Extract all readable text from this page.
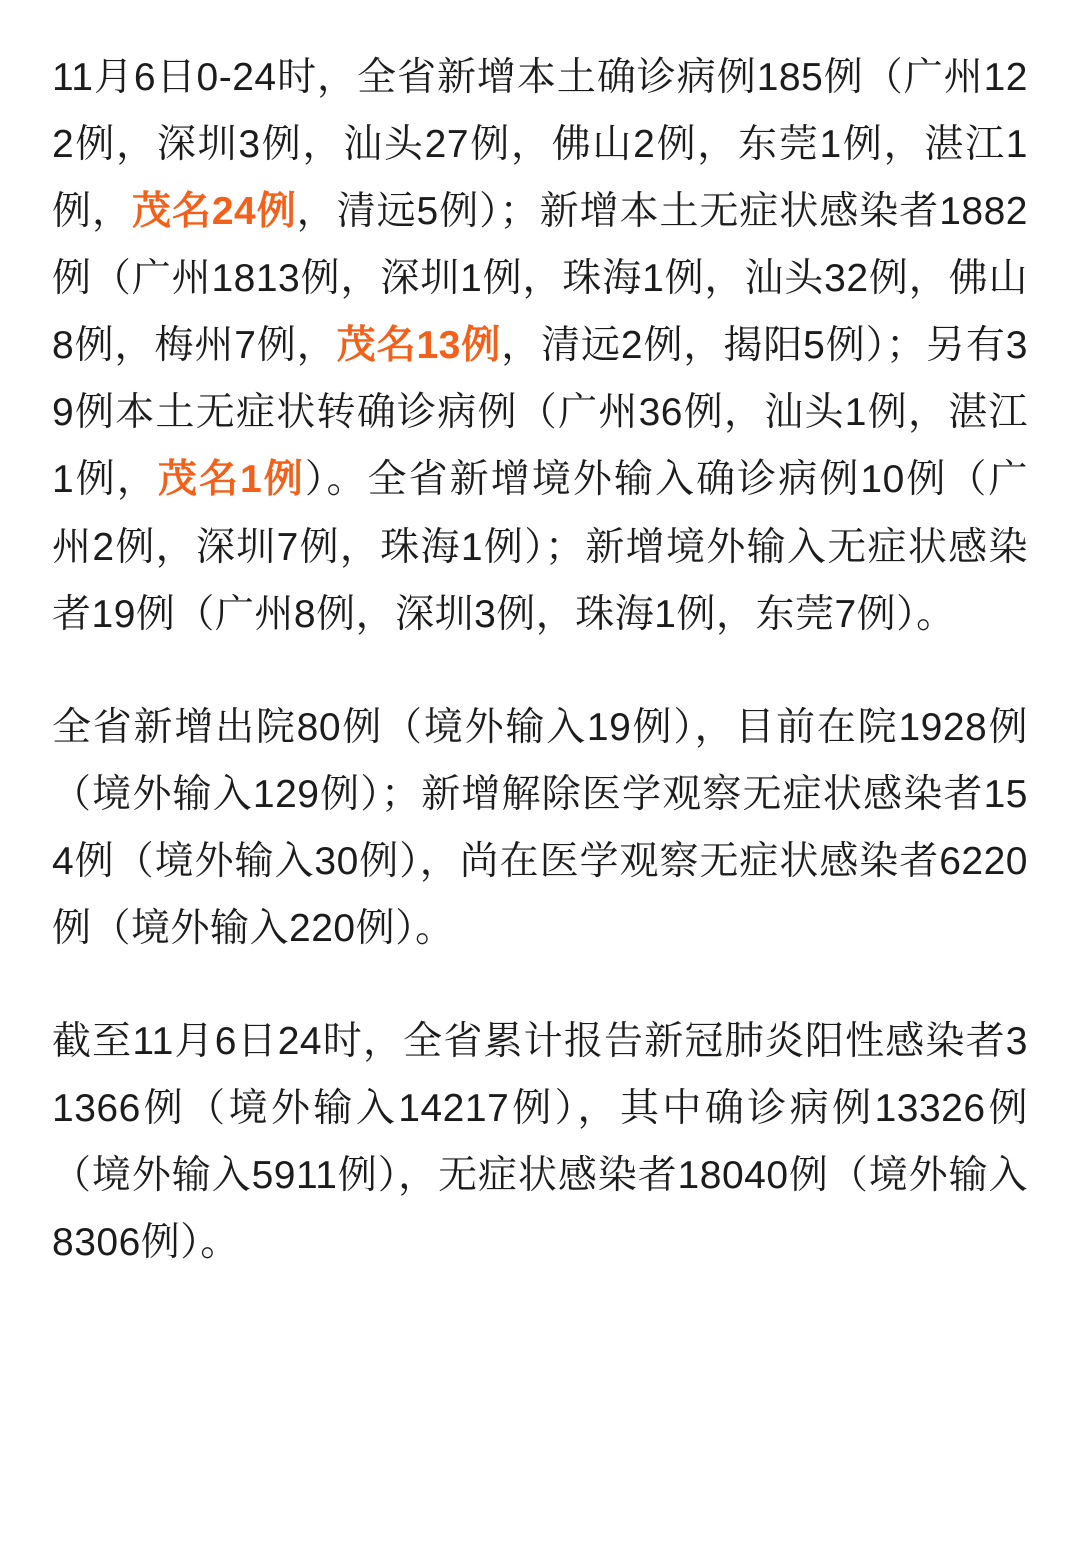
11月6日0-24时，全省新增本土确诊病例185例（广州122例，深圳3例，汕头27例，佛山2例，东莞1例，湛江1例，茂名24例，清远5例）；新增本土无症状感染者1882例（广州1813例，深圳1例，珠海1例，汕头32例，佛山8例，梅州7例，茂名13例，清远2例，揭阳5例）；另有39例本土无症状转确诊病例（广州36例，汕头1例，湛江1例，茂名1例）。全省新增境外输入确诊病例10例（广州2例，深圳7例，珠海1例）；新增境外输入无症状感染者19例（广州8例，深圳3例，珠海1例，东莞7例）。

全省新增出院80例（境外输入19例），目前在院1928例（境外输入129例）；新增解除医学观察无症状感染者154例（境外输入30例），尚在医学观察无症状感染者6220例（境外输入220例）。

截至11月6日24时，全省累计报告新冠肺炎阳性感染者31366例（境外输入14217例），其中确诊病例13326例（境外输入5911例），无症状感染者18040例（境外输入8306例）。
